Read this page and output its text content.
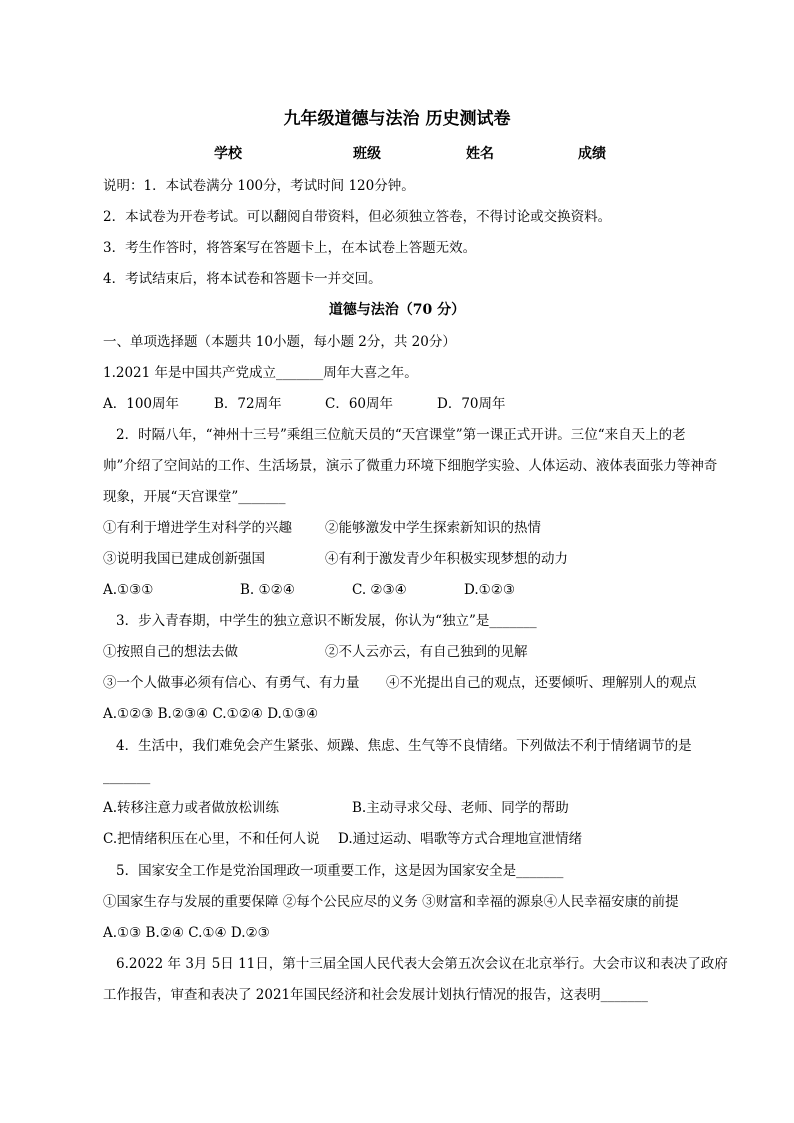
九年级道德与法治 历史测试卷
学校	班级	姓名	成绩
说明：1．本试卷满分 100分，考试时间 120分钟。
2．本试卷为开卷考试。可以翻阅自带资料，但必须独立答卷，不得讨论或交换资料。
3．考生作答时，将答案写在答题卡上，在本试卷上答题无效。
4．考试结束后，将本试卷和答题卡一并交回。
道德与法治（70 分）
一、单项选择题（本题共 10小题，每小题 2分，共 20分）
1.2021 年是中国共产党成立_______周年大喜之年。
A．100周年	B．72周年	C．60周年	D．70周年
2．时隔八年，“神州十三号”乘组三位航天员的“天宫课堂”第一课正式开讲。三位“来自天上的老
帅”介绍了空间站的工作、生活场景，演示了微重力环境下细胞学实验、人体运动、液体表面张力等神奇
现象，开展“天宫课堂”_______
①有利于增进学生对科学的兴趣 ②能够激发中学生探索新知识的热情
③说明我国已建成创新强国	④有利于激发青少年积极实现梦想的动力
A.①③①	B. ①②④	C. ②③④	D.①②③
3．步入青春期，中学生的独立意识不断发展，你认为“独立”是_______
①按照自己的想法去做	②不人云亦云，有自己独到的见解
③一个人做事必须有信心、有勇气、有力量 ④不光提出自己的观点，还要倾听、理解别人的观点
A.①②③ B.②③④ C.①②④ D.①③④
4．生活中，我们难免会产生紧张、烦躁、焦虑、生气等不良情绪。下列做法不利于情绪调节的是
_______
A.转移注意力或者做放松训练	B.主动寻求父母、老师、同学的帮助
C.把情绪积压在心里，不和任何人说 D.通过运动、唱歌等方式合理地宣泄情绪
5．国家安全工作是党治国理政一项重要工作，这是因为国家安全是_______
①国家生存与发展的重要保障 ②每个公民应尽的义务 ③财富和幸福的源泉④人民幸福安康的前提
A.①③ B.②④ C.①④ D.②③
6.2022 年 3月 5日 11日，第十三届全国人民代表大会第五次会议在北京举行。大会市议和表决了政府
工作报告，审查和表决了 2021年国民经济和社会发展计划执行情况的报告，这表明_______
